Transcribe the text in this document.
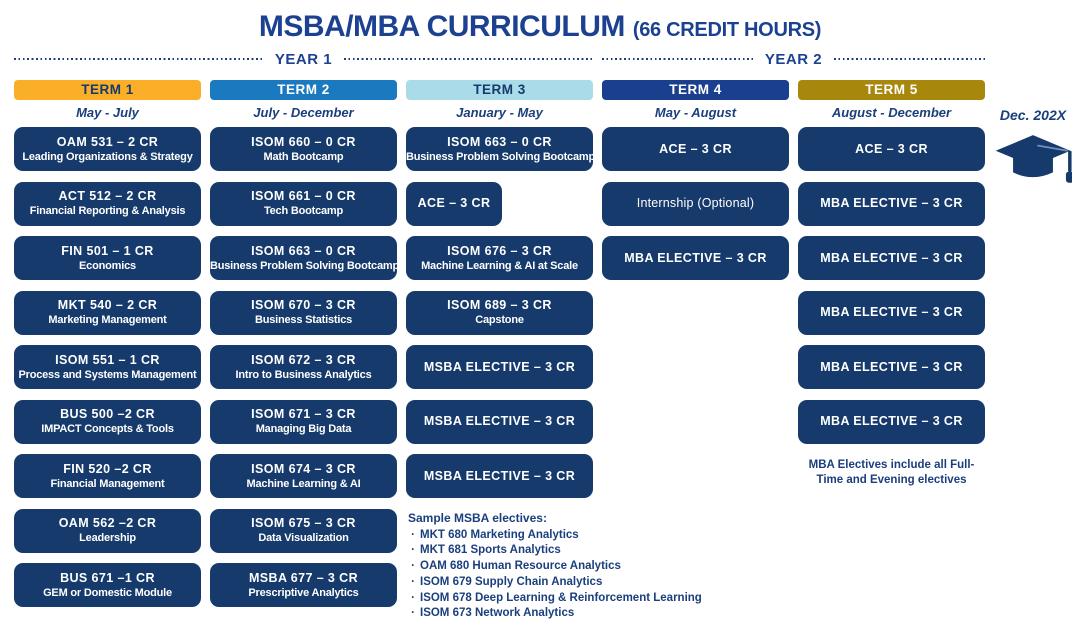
MSBA/MBA CURRICULUM (66 CREDIT HOURS)
YEAR 1	YEAR 2
TERM 1
May - July
OAM 531 – 2 CR
Leading Organizations & Strategy
ACT 512 – 2 CR
Financial Reporting & Analysis
FIN 501 – 1 CR
Economics
MKT 540 – 2 CR
Marketing Management
ISOM 551 – 1 CR
Process and Systems Management
BUS 500 –2 CR
IMPACT Concepts & Tools
FIN 520 –2 CR
Financial Management
OAM 562 –2 CR
Leadership
BUS 671 –1 CR
GEM or Domestic Module
TERM 2
July - December
ISOM 660 – 0 CR
Math Bootcamp
ISOM 661 – 0 CR
Tech Bootcamp
ISOM 663 – 0 CR
Business Problem Solving Bootcamp
ISOM 670 – 3 CR
Business Statistics
ISOM 672 – 3 CR
Intro to Business Analytics
ISOM 671 – 3 CR
Managing Big Data
ISOM 674 – 3 CR
Machine Learning & AI
ISOM 675 – 3 CR
Data Visualization
MSBA 677 – 3 CR
Prescriptive Analytics
TERM 3
January - May
ISOM 663 – 0 CR
Business Problem Solving Bootcamp
ACE – 3 CR
ISOM 676 – 3 CR
Machine Learning & AI at Scale
ISOM 689 – 3 CR
Capstone
MSBA ELECTIVE – 3 CR
MSBA ELECTIVE – 3 CR
MSBA ELECTIVE – 3 CR
Sample MSBA electives:
· MKT 680 Marketing Analytics
· MKT 681 Sports Analytics
· OAM 680 Human Resource Analytics
· ISOM 679 Supply Chain Analytics
· ISOM 678 Deep Learning & Reinforcement Learning
· ISOM 673 Network Analytics
TERM 4
May - August
ACE – 3 CR
Internship (Optional)
MBA ELECTIVE – 3 CR
TERM 5
August - December
ACE – 3 CR
MBA ELECTIVE – 3 CR
MBA ELECTIVE – 3 CR
MBA ELECTIVE – 3 CR
MBA ELECTIVE – 3 CR
MBA ELECTIVE – 3 CR
MBA Electives include all Full-Time and Evening electives
Dec. 202X
